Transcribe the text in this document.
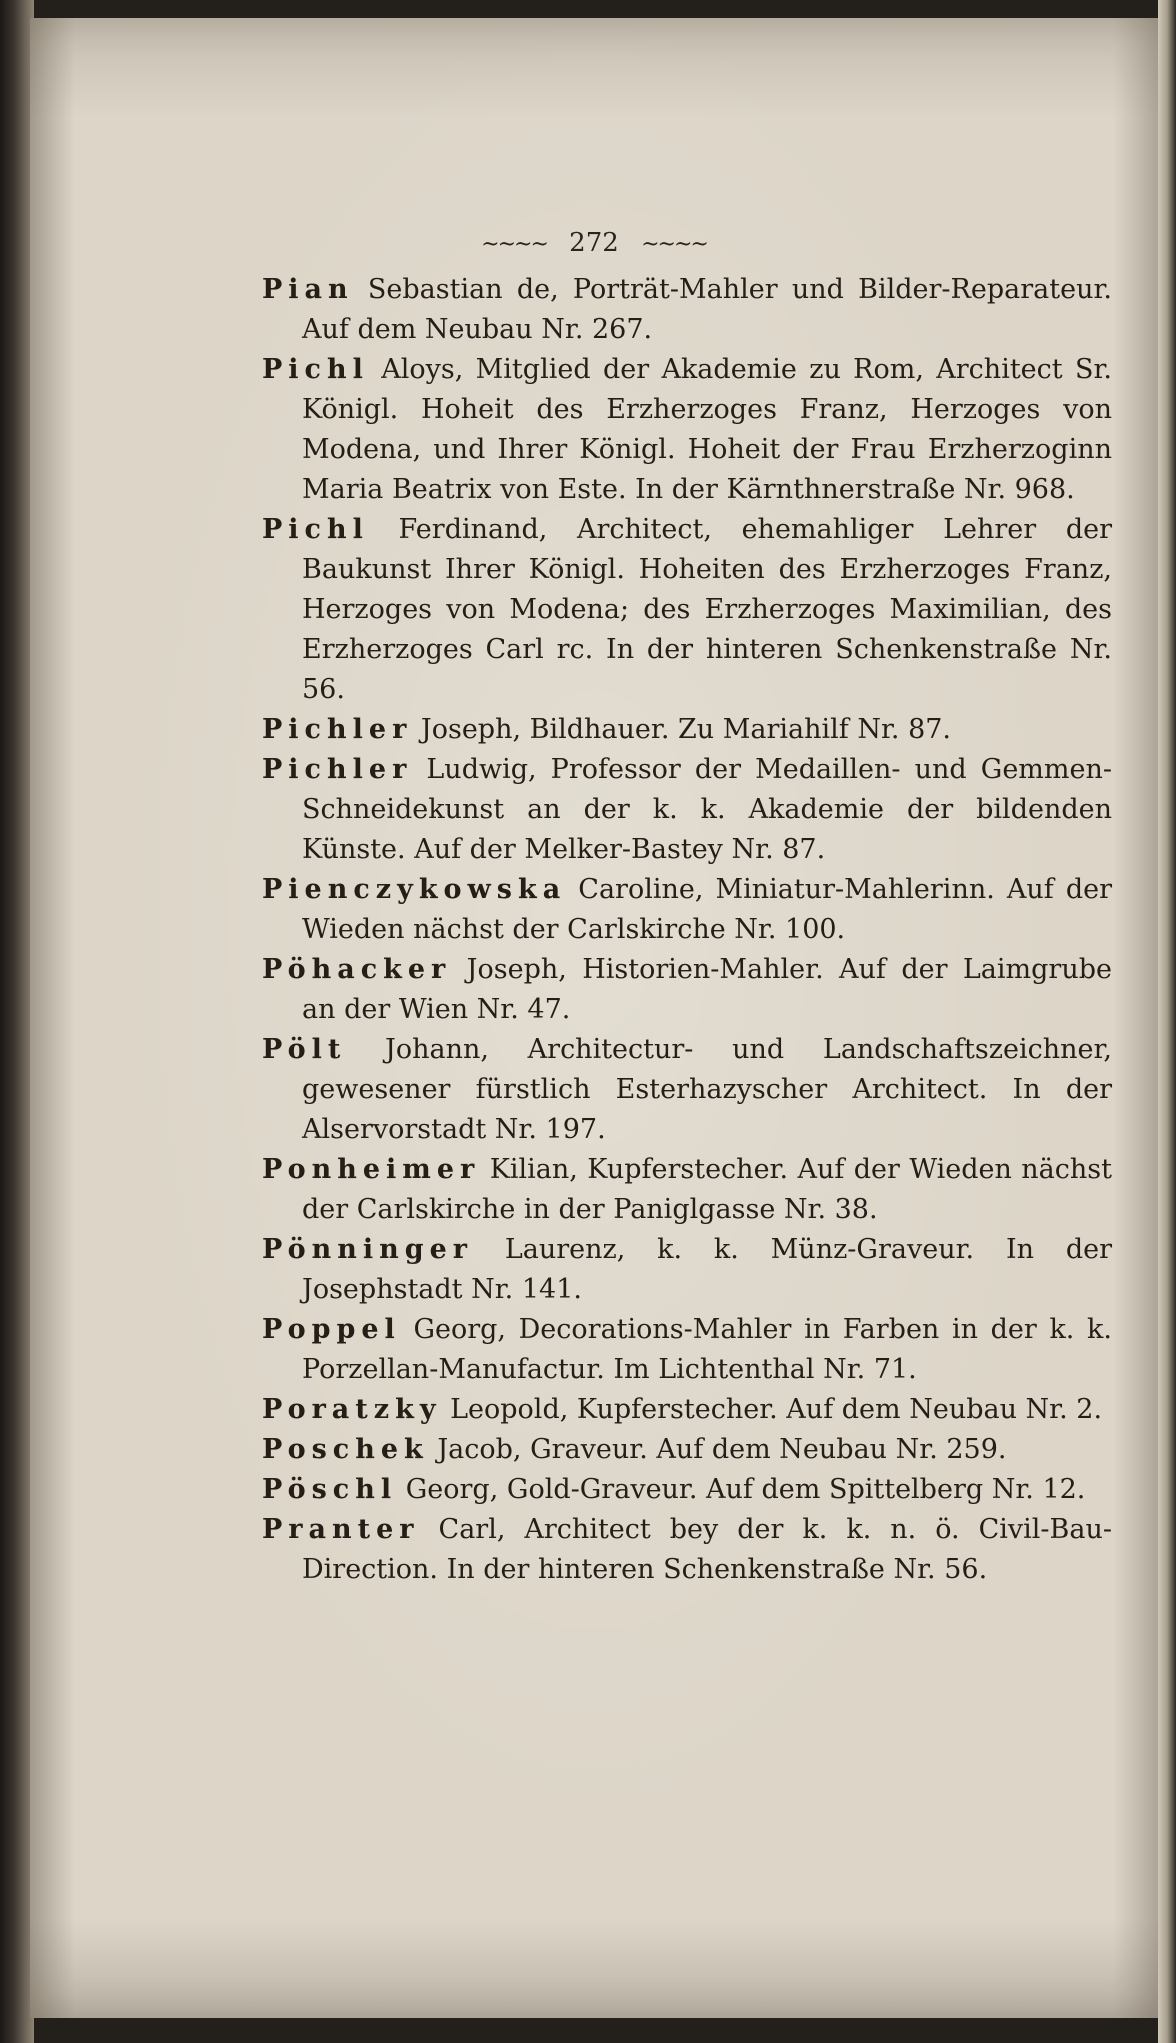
~~~~ 272 ~~~~

Pian Sebastian de, Porträt-Mahler und Bilder-Reparateur. Auf dem Neubau Nr. 267.

Pichl Aloys, Mitglied der Akademie zu Rom, Architect Sr. Königl. Hoheit des Erzherzoges Franz, Herzoges von Modena, und Ihrer Königl. Hoheit der Frau Erzherzoginn Maria Beatrix von Este. In der Kärnthnerstraße Nr. 968.

Pichl Ferdinand, Architect, ehemahliger Lehrer der Baukunst Ihrer Königl. Hoheiten des Erzherzoges Franz, Herzoges von Modena; des Erzherzoges Maximilian, des Erzherzoges Carl rc. In der hinteren Schenkenstraße Nr. 56.

Pichler Joseph, Bildhauer. Zu Mariahilf Nr. 87.

Pichler Ludwig, Professor der Medaillen- und Gemmen-Schneidekunst an der k. k. Akademie der bildenden Künste. Auf der Melker-Bastey Nr. 87.

Pienczykowska Caroline, Miniatur-Mahlerinn. Auf der Wieden nächst der Carlskirche Nr. 100.

Pöhacker Joseph, Historien-Mahler. Auf der Laimgrube an der Wien Nr. 47.

Pölt Johann, Architectur- und Landschaftszeichner, gewesener fürstlich Esterhazyscher Architect. In der Alservorstadt Nr. 197.

Ponheimer Kilian, Kupferstecher. Auf der Wieden nächst der Carlskirche in der Paniglgasse Nr. 38.

Pönninger Laurenz, k. k. Münz-Graveur. In der Josephstadt Nr. 141.

Poppel Georg, Decorations-Mahler in Farben in der k. k. Porzellan-Manufactur. Im Lichtenthal Nr. 71.

Poratzky Leopold, Kupferstecher. Auf dem Neubau Nr. 2.

Poschek Jacob, Graveur. Auf dem Neubau Nr. 259.

Pöschl Georg, Gold-Graveur. Auf dem Spittelberg Nr. 12.

Pranter Carl, Architect bey der k. k. n. ö. Civil-Bau-Direction. In der hinteren Schenkenstraße Nr. 56.
